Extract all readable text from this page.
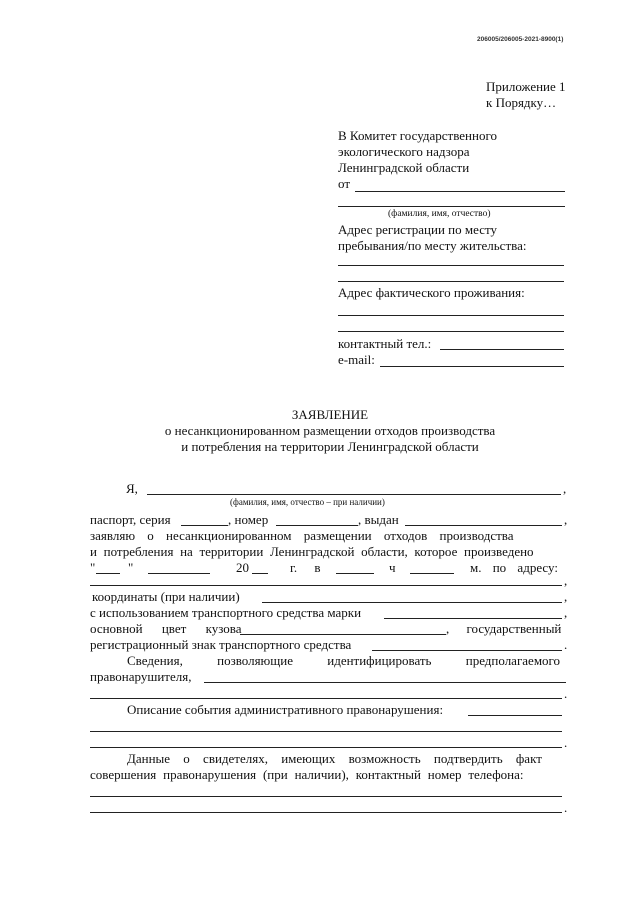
206005/206005-2021-8900(1)
Приложение 1
к Порядку…
В Комитет государственного
экологического надзора
Ленинградской области
от
(фамилия, имя, отчество)
Адрес регистрации по месту
пребывания/по месту жительства:
Адрес фактического проживания:
контактный тел.:
e-mail:
ЗАЯВЛЕНИЕ
о несанкционированном размещении отходов производства
и потребления на территории Ленинградской области
Я,	,
(фамилия, имя, отчество – при наличии)
паспорт, серия	, номер	, выдан	,
заявляю о несанкционированном размещении отходов производства
и потребления на территории Ленинградской области, которое произведено
"	"	20	г. в	ч	м. по адресу:
,
координаты (при наличии)	,
с использованием транспортного средства марки	,
основной цвет кузова	, государственный
регистрационный знак транспортного средства	.
Сведения, позволяющие идентифицировать предполагаемого
правонарушителя,
.
Описание события административного правонарушения:
.
Данные о свидетелях, имеющих возможность подтвердить факт
совершения правонарушения (при наличии), контактный номер телефона:
.
